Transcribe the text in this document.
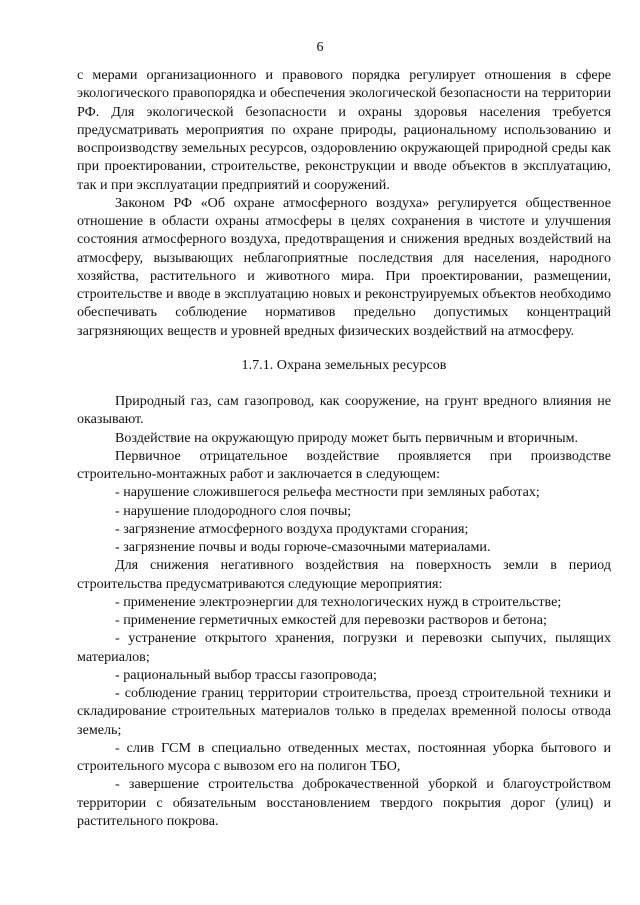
6

с мерами организационного и правового порядка регулирует отношения в сфере экологического правопорядка и обеспечения экологической безопасности на территории РФ. Для экологической безопасности и охраны здоровья населения требуется предусматривать мероприятия по охране природы, рациональному использованию и воспроизводству земельных ресурсов, оздоровлению окружающей природной среды как при проектировании, строительстве, реконструкции и вводе объектов в эксплуатацию, так и при эксплуатации предприятий и сооружений.

Законом РФ «Об охране атмосферного воздуха» регулируется общественное отношение в области охраны атмосферы в целях сохранения в чистоте и улучшения состояния атмосферного воздуха, предотвращения и снижения вредных воздействий на атмосферу, вызывающих неблагоприятные последствия для населения, народного хозяйства, растительного и животного мира. При проектировании, размещении, строительстве и вводе в эксплуатацию новых и реконструируемых объектов необходимо обеспечивать соблюдение нормативов предельно допустимых концентраций загрязняющих веществ и уровней вредных физических воздействий на атмосферу.

1.7.1. Охрана земельных ресурсов

Природный газ, сам газопровод, как сооружение, на грунт вредного влияния не оказывают.

Воздействие на окружающую природу может быть первичным и вторичным.

Первичное отрицательное воздействие проявляется при производстве строительно-монтажных работ и заключается в следующем:

- нарушение сложившегося рельефа местности при земляных работах;

- нарушение плодородного слоя почвы;

- загрязнение атмосферного воздуха продуктами сгорания;

- загрязнение почвы и воды горюче-смазочными материалами.

Для снижения негативного воздействия на поверхность земли в период строительства предусматриваются следующие мероприятия:

- применение электроэнергии для технологических нужд в строительстве;

- применение герметичных емкостей для перевозки растворов и бетона;

- устранение открытого хранения, погрузки и перевозки сыпучих, пылящих материалов;

- рациональный выбор трассы газопровода;

- соблюдение границ территории строительства, проезд строительной техники и складирование строительных материалов только в пределах временной полосы отвода земель;

- слив ГСМ в специально отведенных местах, постоянная уборка бытового и строительного мусора с вывозом его на полигон ТБО,

- завершение строительства доброкачественной уборкой и благоустройством территории с обязательным восстановлением твердого покрытия дорог (улиц) и растительного покрова.
